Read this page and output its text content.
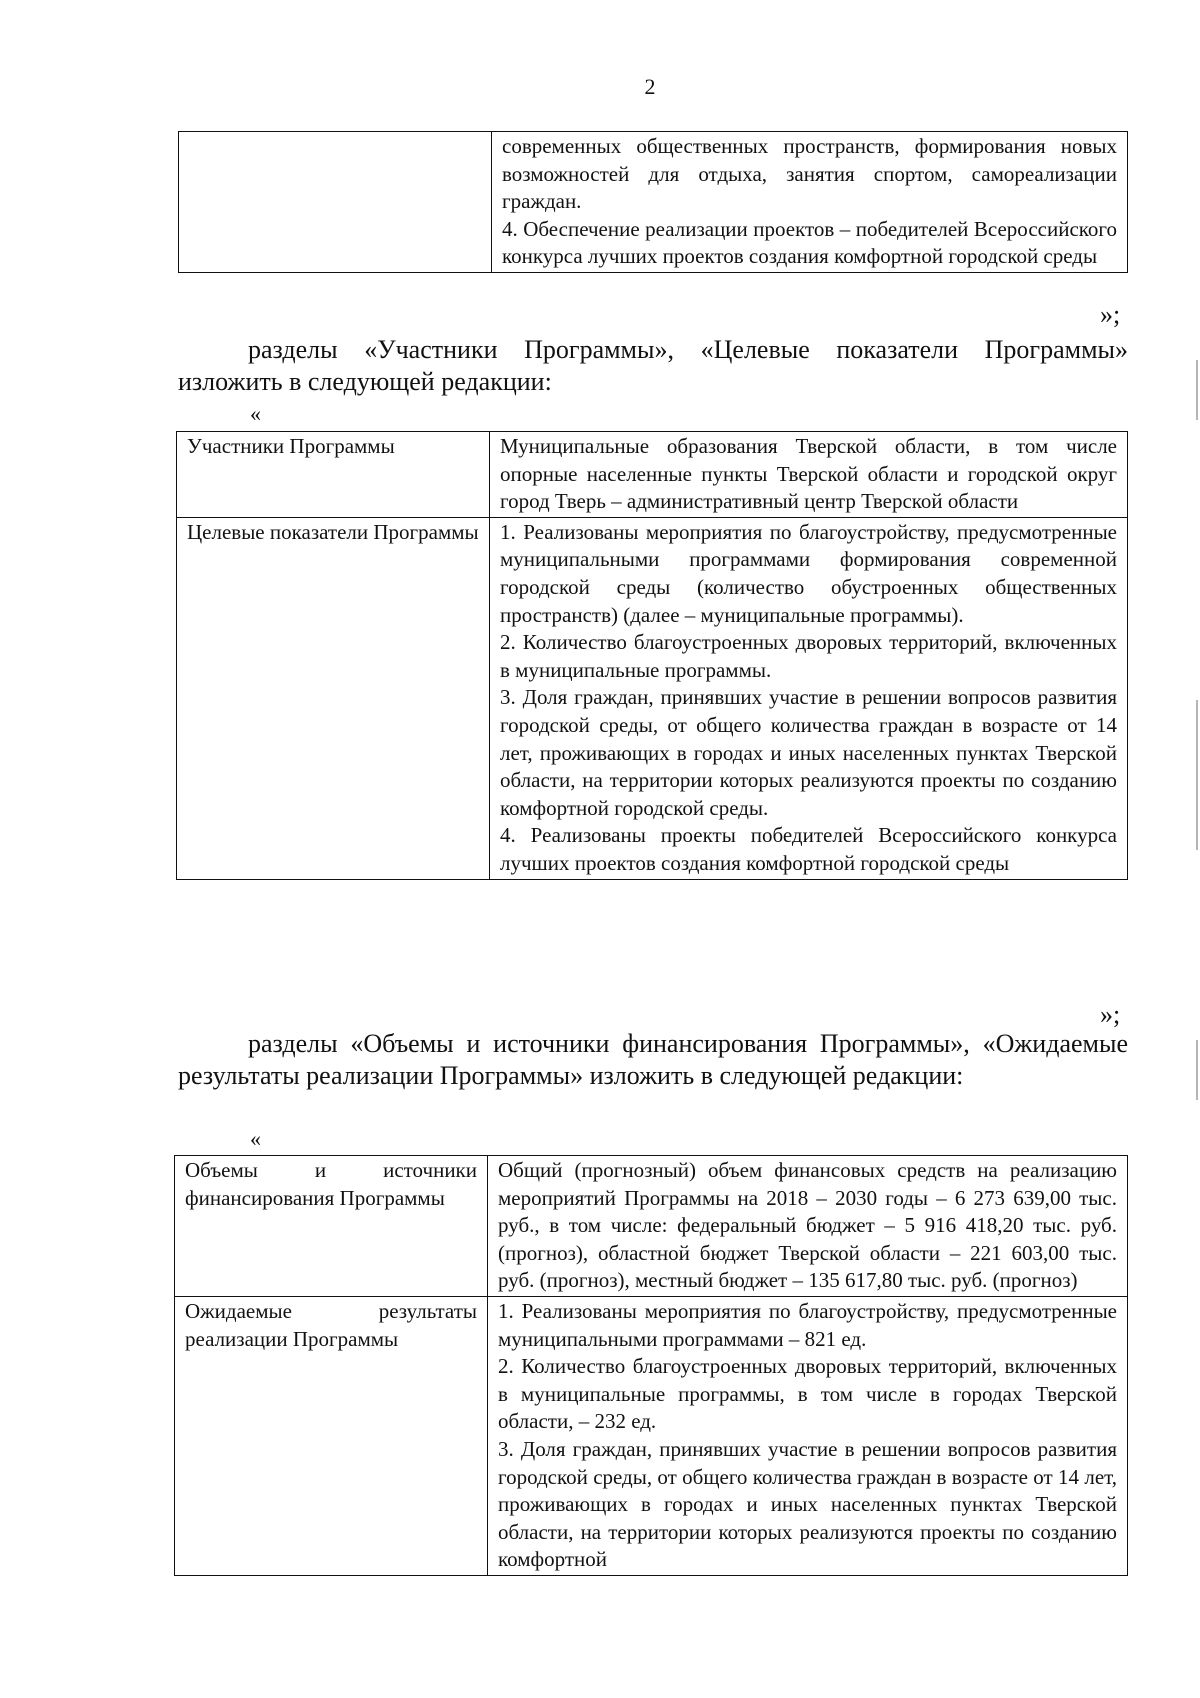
2

современных общественных пространств, формирования новых возможностей для отдыха, занятия спортом, самореализации граждан.
4. Обеспечение реализации проектов – победителей Всероссийского конкурса лучших проектов создания комфортной городской среды
»;
разделы «Участники Программы», «Целевые показатели Программы» изложить в следующей редакции:
«
Участники Программы	Муниципальные образования Тверской области, в том числе опорные населенные пункты Тверской области и городской округ город Тверь – административный центр Тверской области

Целевые показатели Программы	1. Реализованы мероприятия по благоустройству, предусмотренные муниципальными программами формирования современной городской среды (количество обустроенных общественных пространств) (далее – муниципальные программы).
2. Количество благоустроенных дворовых территорий, включенных в муниципальные программы.
3. Доля граждан, принявших участие в решении вопросов развития городской среды, от общего количества граждан в возрасте от 14 лет, проживающих в городах и иных населенных пунктах Тверской области, на территории которых реализуются проекты по созданию комфортной городской среды.
4. Реализованы проекты победителей Всероссийского конкурса лучших проектов создания комфортной городской среды
»;
разделы «Объемы и источники финансирования Программы», «Ожидаемые результаты реализации Программы» изложить в следующей редакции:
«
Объемы и источники финансирования Программы	Общий (прогнозный) объем финансовых средств на реализацию мероприятий Программы на 2018 – 2030 годы – 6 273 639,00 тыс. руб., в том числе: федеральный бюджет – 5 916 418,20 тыс. руб. (прогноз), областной бюджет Тверской области – 221 603,00 тыс. руб. (прогноз), местный бюджет – 135 617,80 тыс. руб. (прогноз)

Ожидаемые результаты реализации Программы	1. Реализованы мероприятия по благоустройству, предусмотренные муниципальными программами – 821 ед.
2. Количество благоустроенных дворовых территорий, включенных в муниципальные программы, в том числе в городах Тверской области, – 232 ед.
3. Доля граждан, принявших участие в решении вопросов развития городской среды, от общего количества граждан в возрасте от 14 лет, проживающих в городах и иных населенных пунктах Тверской области, на территории которых реализуются проекты по созданию комфортной
